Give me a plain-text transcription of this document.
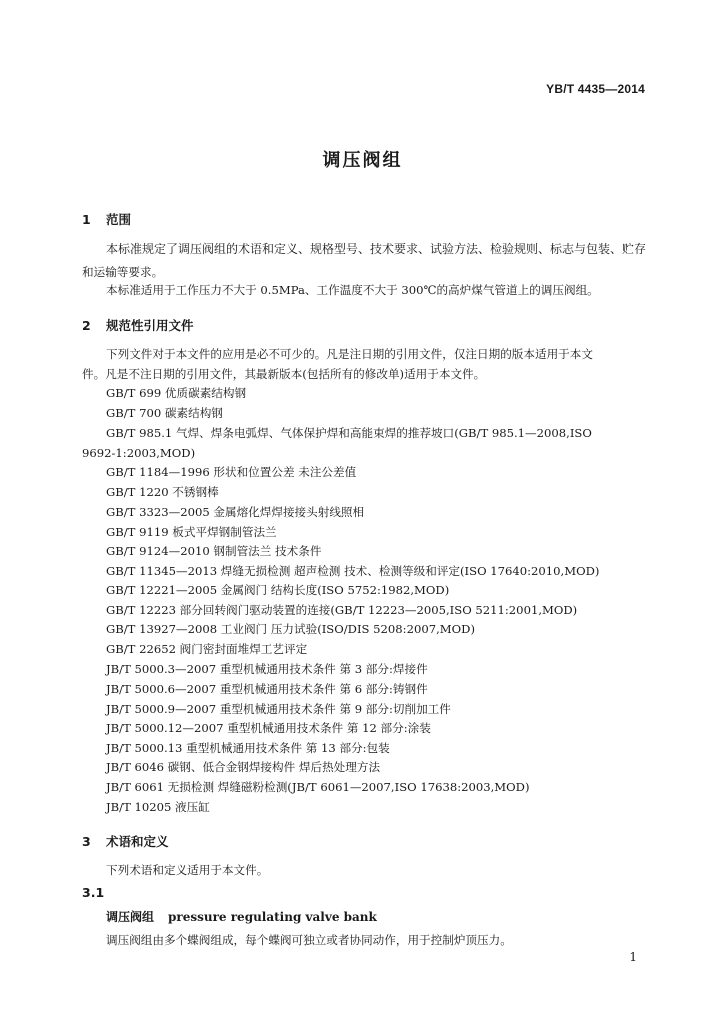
YB/T 4435—2014
调压阀组
1 范围
本标准规定了调压阀组的术语和定义、规格型号、技术要求、试验方法、检验规则、标志与包装、贮存
和运输等要求。
本标准适用于工作压力不大于 0.5MPa、工作温度不大于 300℃的高炉煤气管道上的调压阀组。
2 规范性引用文件
下列文件对于本文件的应用是必不可少的。凡是注日期的引用文件，仅注日期的版本适用于本文
件。凡是不注日期的引用文件，其最新版本(包括所有的修改单)适用于本文件。
GB/T 699 优质碳素结构钢
GB/T 700 碳素结构钢
GB/T 985.1 气焊、焊条电弧焊、气体保护焊和高能束焊的推荐坡口(GB/T 985.1—2008,ISO
9692-1:2003,MOD)
GB/T 1184—1996 形状和位置公差 未注公差值
GB/T 1220 不锈钢棒
GB/T 3323—2005 金属熔化焊焊接接头射线照相
GB/T 9119 板式平焊钢制管法兰
GB/T 9124—2010 钢制管法兰 技术条件
GB/T 11345—2013 焊缝无损检测 超声检测 技术、检测等级和评定(ISO 17640:2010,MOD)
GB/T 12221—2005 金属阀门 结构长度(ISO 5752:1982,MOD)
GB/T 12223 部分回转阀门驱动装置的连接(GB/T 12223—2005,ISO 5211:2001,MOD)
GB/T 13927—2008 工业阀门 压力试验(ISO/DIS 5208:2007,MOD)
GB/T 22652 阀门密封面堆焊工艺评定
JB/T 5000.3—2007 重型机械通用技术条件 第 3 部分:焊接件
JB/T 5000.6—2007 重型机械通用技术条件 第 6 部分:铸钢件
JB/T 5000.9—2007 重型机械通用技术条件 第 9 部分:切削加工件
JB/T 5000.12—2007 重型机械通用技术条件 第 12 部分:涂装
JB/T 5000.13 重型机械通用技术条件 第 13 部分:包装
JB/T 6046 碳钢、低合金钢焊接构件 焊后热处理方法
JB/T 6061 无损检测 焊缝磁粉检测(JB/T 6061—2007,ISO 17638:2003,MOD)
JB/T 10205 液压缸
3 术语和定义
下列术语和定义适用于本文件。
3.1
调压阀组 pressure regulating valve bank
调压阀组由多个蝶阀组成，每个蝶阀可独立或者协同动作，用于控制炉顶压力。
1
